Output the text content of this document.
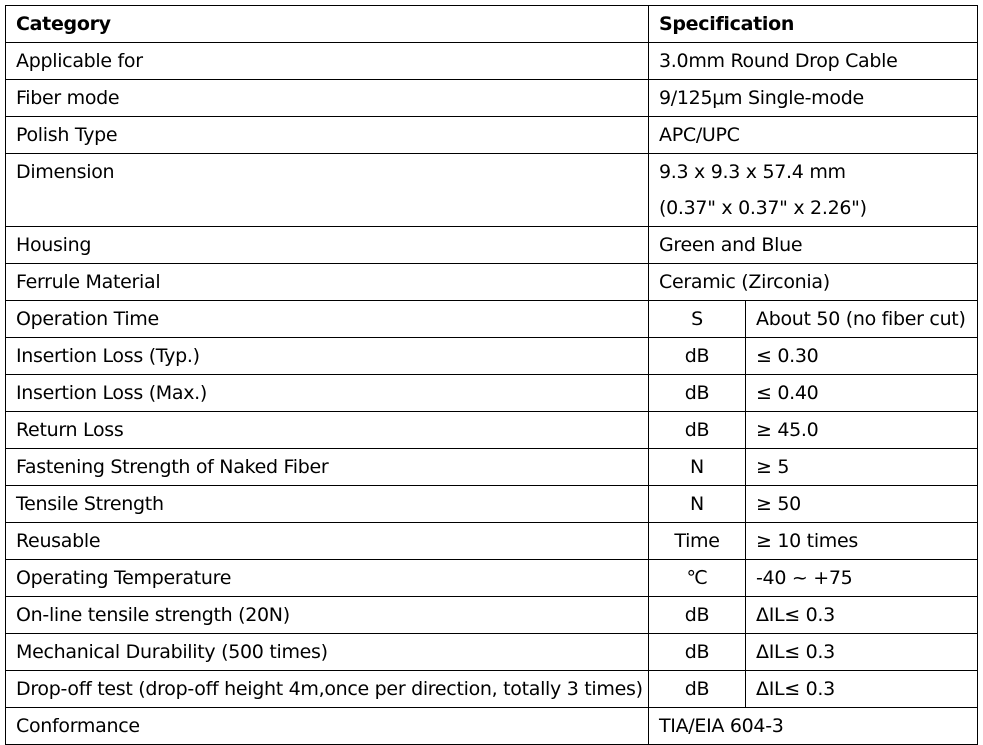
Category	Specification	
Applicable for	3.0mm Round Drop Cable	
Fiber mode	9/125μm Single-mode	
Polish Type	APC/UPC	

Dimension	9.3 x 9.3 x 57.4 mm
(0.37" x 0.37" x 2.26")	

Housing	Green and Blue	
Ferrule Material	Ceramic (Zirconia)	
Operation Time	S	About 50 (no fiber cut)
Insertion Loss (Typ.)	dB	≤ 0.30
Insertion Loss (Max.)	dB	≤ 0.40
Return Loss	dB	≥ 45.0
Fastening Strength of Naked Fiber	N	≥ 5
Tensile Strength	N	≥ 50
Reusable	Time	≥ 10 times
Operating Temperature	℃	-40 ~ +75
On-line tensile strength (20N)	dB	ΔIL≤ 0.3
Mechanical Durability (500 times)	dB	ΔIL≤ 0.3
Drop-off test (drop-off height 4m,once per direction, totally 3 times)	dB	ΔIL≤ 0.3
Conformance	TIA/EIA 604-3	
